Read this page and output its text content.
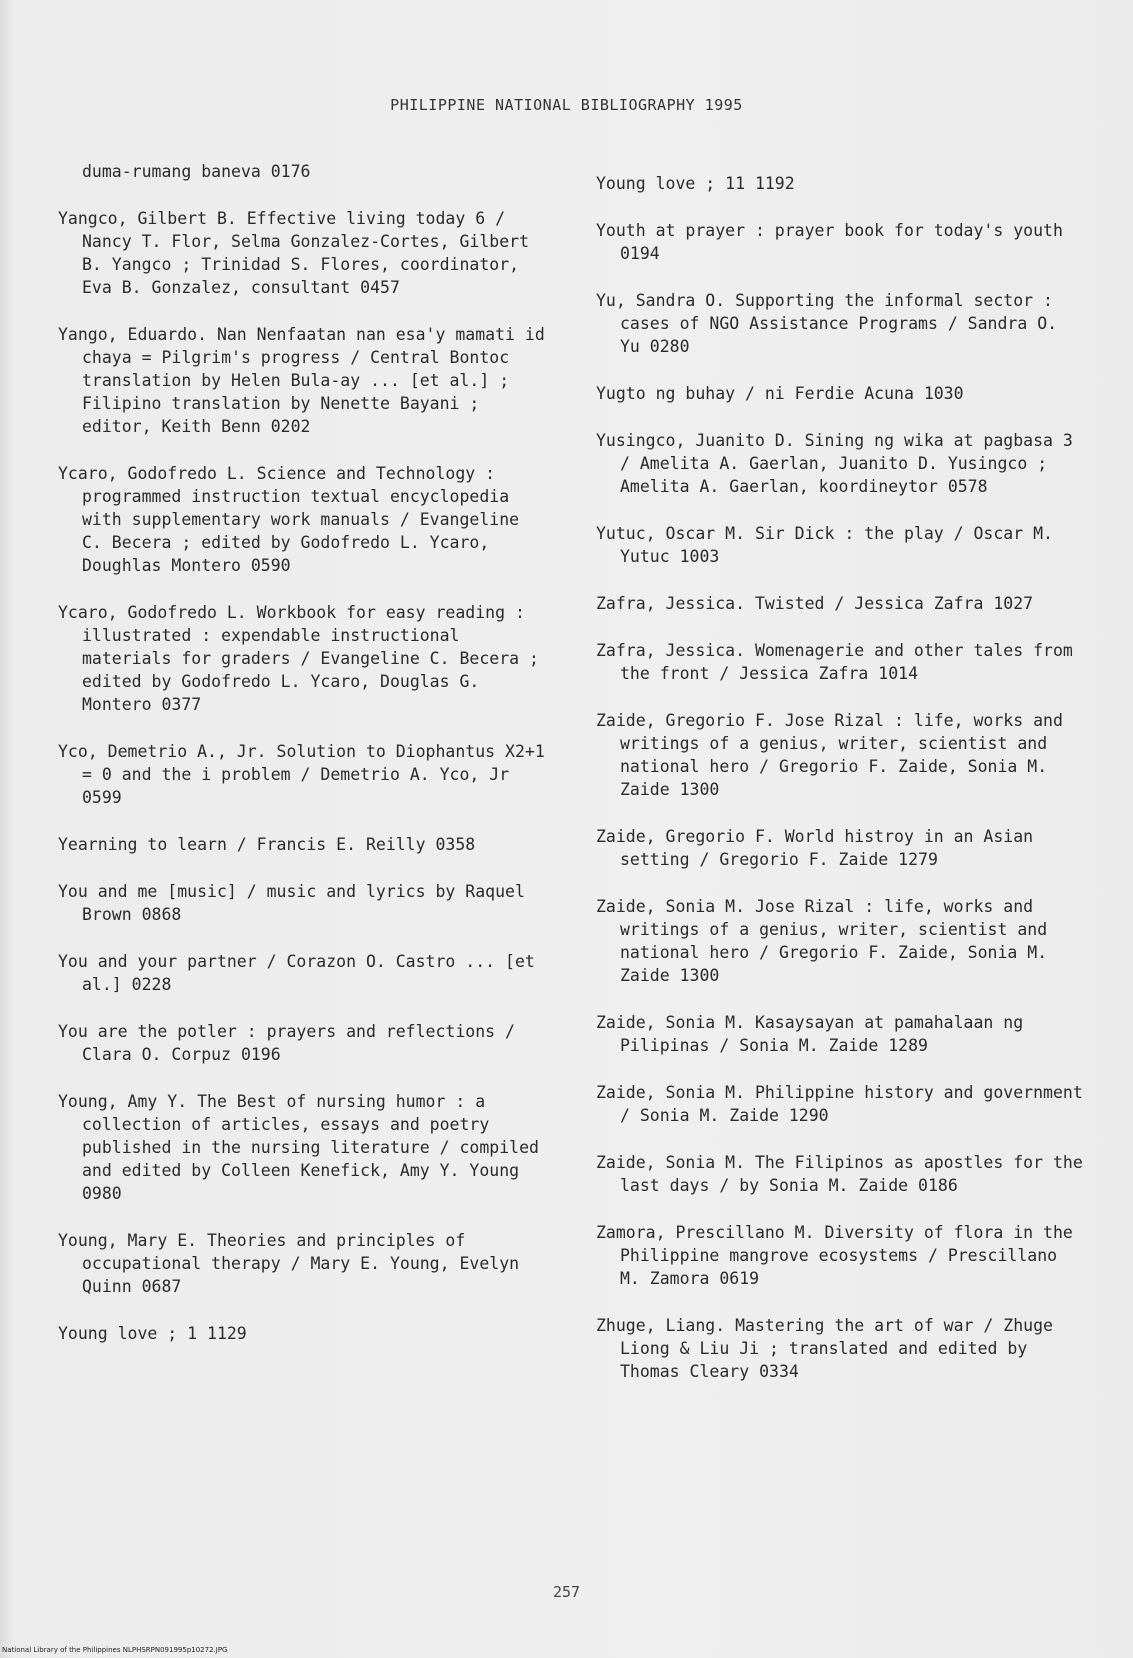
PHILIPPINE NATIONAL BIBLIOGRAPHY 1995
duma-rumang baneva 0176
Yangco, Gilbert B. Effective living today 6 / Nancy T. Flor, Selma Gonzalez-Cortes, Gilbert B. Yangco ; Trinidad S. Flores, coordinator, Eva B. Gonzalez, consultant 0457
Yango, Eduardo. Nan Nenfaatan nan esa'y mamati id chaya = Pilgrim's progress / Central Bontoc translation by Helen Bula-ay ... [et al.] ; Filipino translation by Nenette Bayani ; editor, Keith Benn 0202
Ycaro, Godofredo L. Science and Technology : programmed instruction textual encyclopedia with supplementary work manuals / Evangeline C. Becera ; edited by Godofredo L. Ycaro, Doughlas Montero 0590
Ycaro, Godofredo L. Workbook for easy reading : illustrated : expendable instructional materials for graders / Evangeline C. Becera ; edited by Godofredo L. Ycaro, Douglas G. Montero 0377
Yco, Demetrio A., Jr. Solution to Diophantus X2+1 = 0 and the i problem / Demetrio A. Yco, Jr 0599
Yearning to learn / Francis E. Reilly 0358
You and me [music] / music and lyrics by Raquel Brown 0868
You and your partner / Corazon O. Castro ... [et al.] 0228
You are the potler : prayers and reflections / Clara O. Corpuz 0196
Young, Amy Y. The Best of nursing humor : a collection of articles, essays and poetry published in the nursing literature / compiled and edited by Colleen Kenefick, Amy Y. Young 0980
Young, Mary E. Theories and principles of occupational therapy / Mary E. Young, Evelyn Quinn 0687
Young love ; 1 1129
Young love ; 11 1192
Youth at prayer : prayer book for today's youth 0194
Yu, Sandra O. Supporting the informal sector : cases of NGO Assistance Programs / Sandra O. Yu 0280
Yugto ng buhay / ni Ferdie Acuna 1030
Yusingco, Juanito D. Sining ng wika at pagbasa 3 / Amelita A. Gaerlan, Juanito D. Yusingco ; Amelita A. Gaerlan, koordineytor 0578
Yutuc, Oscar M. Sir Dick : the play / Oscar M. Yutuc 1003
Zafra, Jessica. Twisted / Jessica Zafra 1027
Zafra, Jessica. Womenagerie and other tales from the front / Jessica Zafra 1014
Zaide, Gregorio F. Jose Rizal : life, works and writings of a genius, writer, scientist and national hero / Gregorio F. Zaide, Sonia M. Zaide 1300
Zaide, Gregorio F. World histroy in an Asian setting / Gregorio F. Zaide 1279
Zaide, Sonia M. Jose Rizal : life, works and writings of a genius, writer, scientist and national hero / Gregorio F. Zaide, Sonia M. Zaide 1300
Zaide, Sonia M. Kasaysayan at pamahalaan ng Pilipinas / Sonia M. Zaide 1289
Zaide, Sonia M. Philippine history and government / Sonia M. Zaide 1290
Zaide, Sonia M. The Filipinos as apostles for the last days / by Sonia M. Zaide 0186
Zamora, Prescillano M. Diversity of flora in the Philippine mangrove ecosystems / Prescillano M. Zamora 0619
Zhuge, Liang. Mastering the art of war / Zhuge Liong & Liu Ji ; translated and edited by Thomas Cleary 0334
257
National Library of the Philippines NLPHSRPN091995p10272.JPG
